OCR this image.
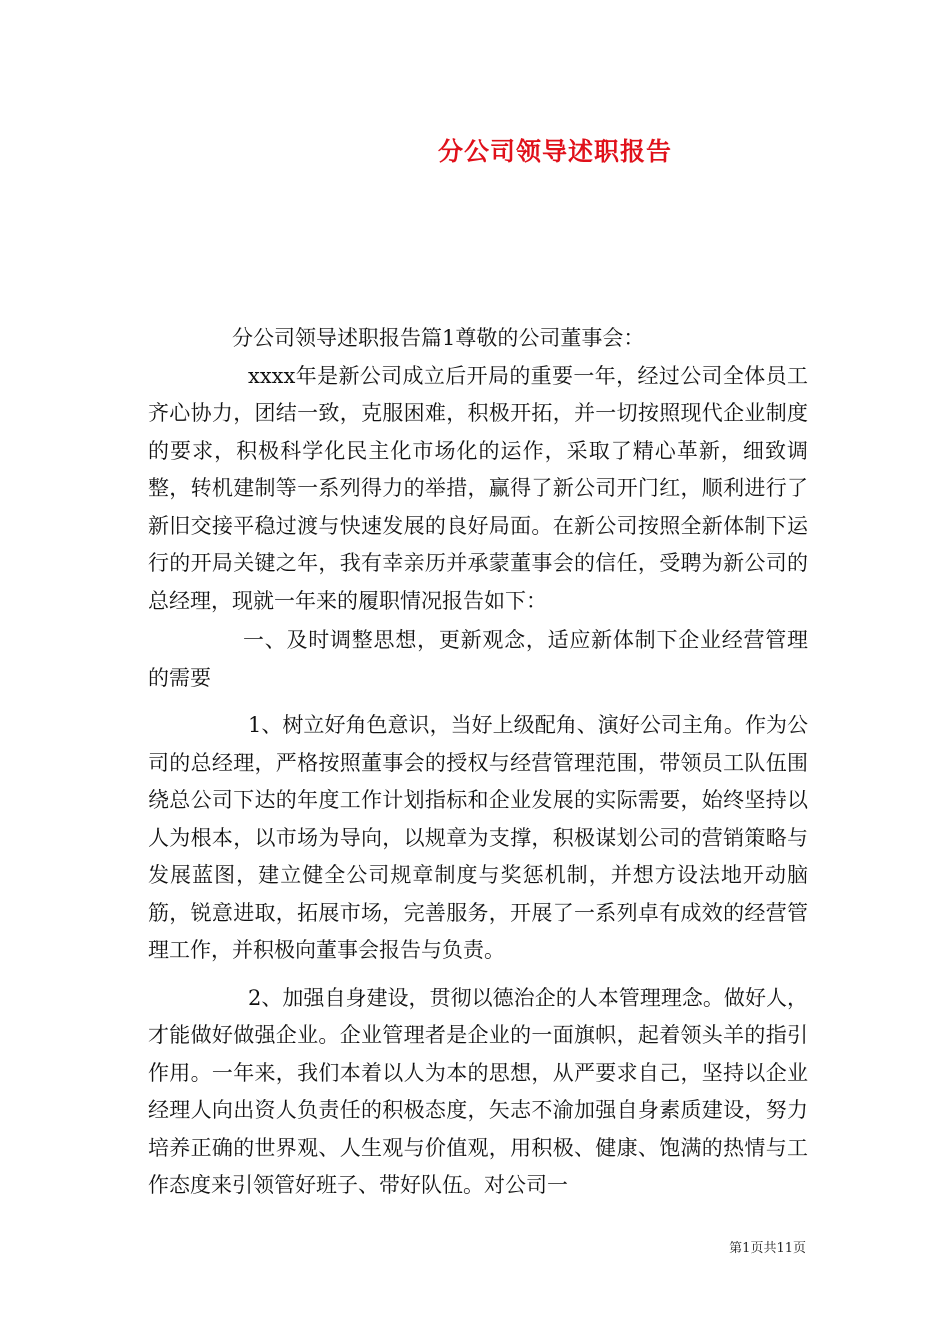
分公司领导述职报告

分公司领导述职报告篇1尊敬的公司董事会：

xxxx年是新公司成立后开局的重要一年，经过公司全体员工齐心协力，团结一致，克服困难，积极开拓，并一切按照现代企业制度的要求，积极科学化民主化市场化的运作，采取了精心革新，细致调整，转机建制等一系列得力的举措，赢得了新公司开门红，顺利进行了新旧交接平稳过渡与快速发展的良好局面。在新公司按照全新体制下运行的开局关键之年，我有幸亲历并承蒙董事会的信任，受聘为新公司的总经理，现就一年来的履职情况报告如下：

一、及时调整思想，更新观念，适应新体制下企业经营管理的需要

1、树立好角色意识，当好上级配角、演好公司主角。作为公司的总经理，严格按照董事会的授权与经营管理范围，带领员工队伍围绕总公司下达的年度工作计划指标和企业发展的实际需要，始终坚持以人为根本，以市场为导向，以规章为支撑，积极谋划公司的营销策略与发展蓝图，建立健全公司规章制度与奖惩机制，并想方设法地开动脑筋，锐意进取，拓展市场，完善服务，开展了一系列卓有成效的经营管理工作，并积极向董事会报告与负责。

2、加强自身建设，贯彻以德治企的人本管理理念。做好人，才能做好做强企业。企业管理者是企业的一面旗帜，起着领头羊的指引作用。一年来，我们本着以人为本的思想，从严要求自己，坚持以企业经理人向出资人负责任的积极态度，矢志不渝加强自身素质建设，努力培养正确的世界观、人生观与价值观，用积极、健康、饱满的热情与工作态度来引领管好班子、带好队伍。对公司一

第1页共11页
